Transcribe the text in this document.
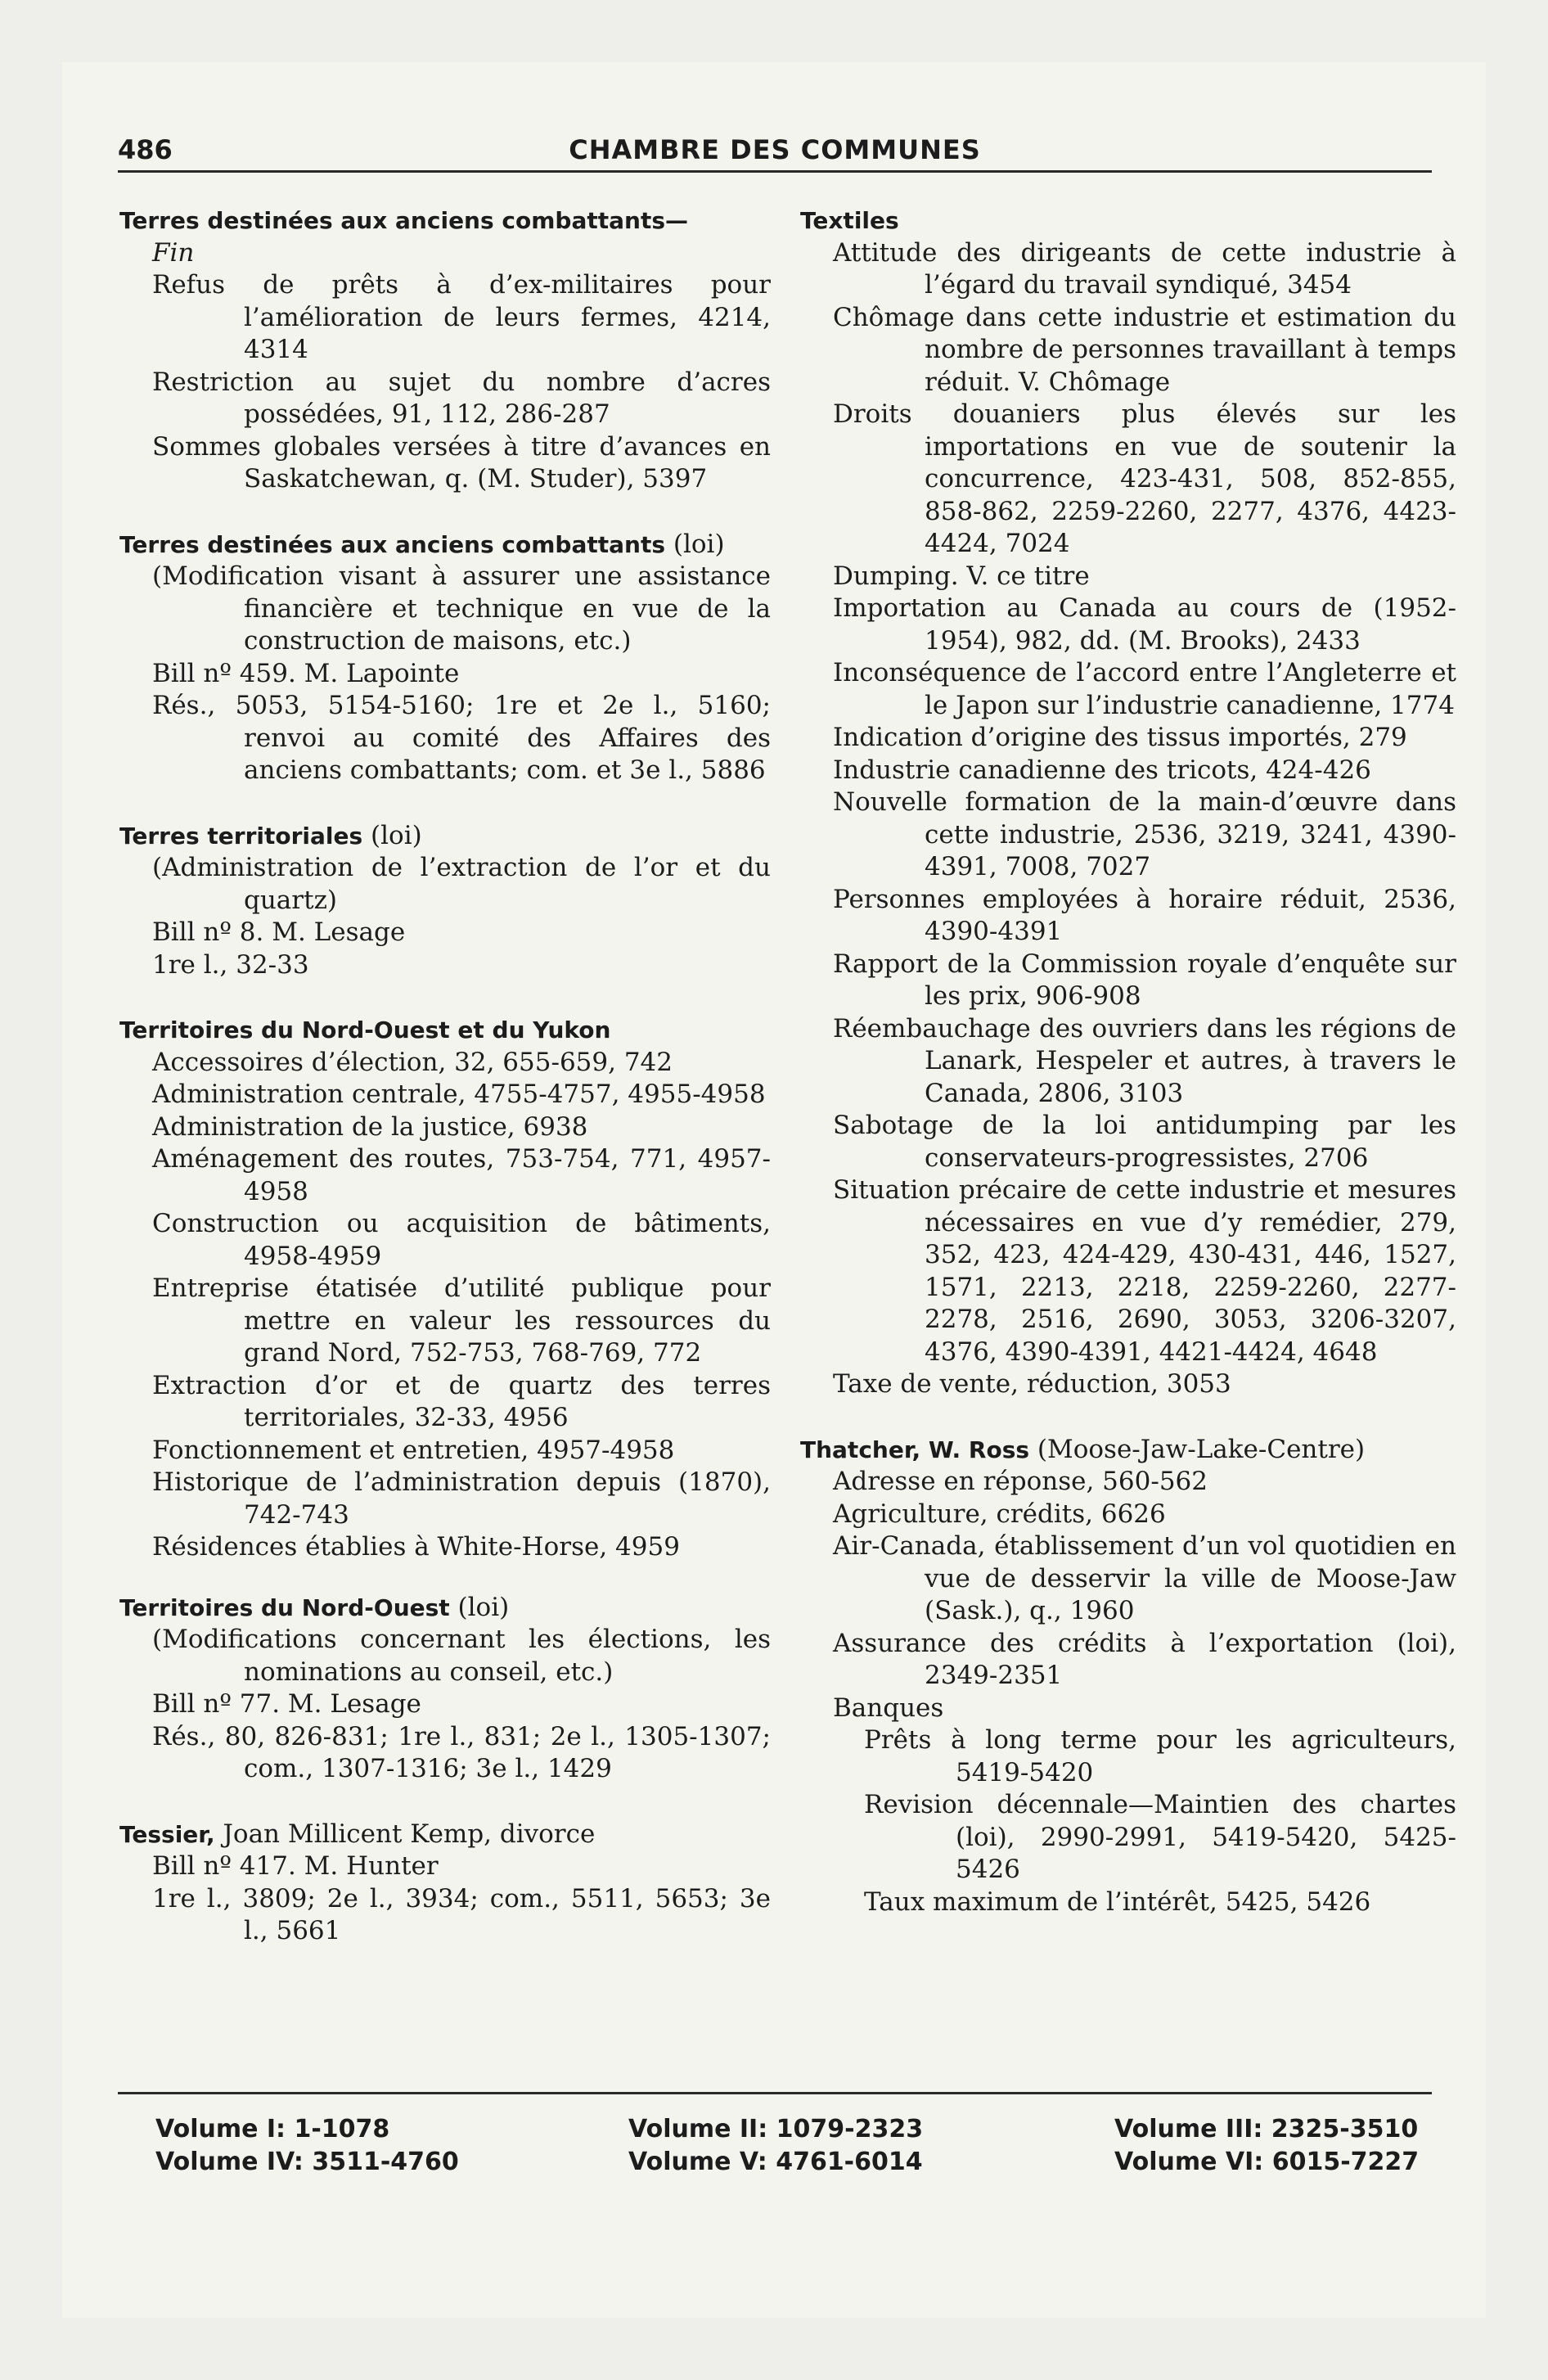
486	CHAMBRE DES COMMUNES

Terres destinées aux anciens combattants—

Fin

Refus de prêts à d’ex-militaires pour l’amélioration de leurs fermes, 4214, 4314

Restriction au sujet du nombre d’acres possédées, 91, 112, 286-287

Sommes globales versées à titre d’avances en Saskatchewan, q. (M. Studer), 5397

Terres destinées aux anciens combattants (loi)

(Modification visant à assurer une assistance financière et technique en vue de la construction de maisons, etc.)

Bill nº 459. M. Lapointe

Rés., 5053, 5154-5160; 1re et 2e l., 5160; renvoi au comité des Affaires des anciens combattants; com. et 3e l., 5886

Terres territoriales (loi)

(Administration de l’extraction de l’or et du quartz)

Bill nº 8. M. Lesage

1re l., 32-33

Territoires du Nord-Ouest et du Yukon

Accessoires d’élection, 32, 655-659, 742

Administration centrale, 4755-4757, 4955-4958

Administration de la justice, 6938

Aménagement des routes, 753-754, 771, 4957-4958

Construction ou acquisition de bâtiments, 4958-4959

Entreprise étatisée d’utilité publique pour mettre en valeur les ressources du grand Nord, 752-753, 768-769, 772

Extraction d’or et de quartz des terres territoriales, 32-33, 4956

Fonctionnement et entretien, 4957-4958

Historique de l’administration depuis (1870), 742-743

Résidences établies à White-Horse, 4959

Territoires du Nord-Ouest (loi)

(Modifications concernant les élections, les nominations au conseil, etc.)

Bill nº 77. M. Lesage

Rés., 80, 826-831; 1re l., 831; 2e l., 1305-1307; com., 1307-1316; 3e l., 1429

Tessier, Joan Millicent Kemp, divorce

Bill nº 417. M. Hunter

1re l., 3809; 2e l., 3934; com., 5511, 5653; 3e l., 5661

Textiles

Attitude des dirigeants de cette industrie à l’égard du travail syndiqué, 3454

Chômage dans cette industrie et estimation du nombre de personnes travaillant à temps réduit. V. Chômage

Droits douaniers plus élevés sur les importations en vue de soutenir la concurrence, 423-431, 508, 852-855, 858-862, 2259-2260, 2277, 4376, 4423-4424, 7024

Dumping. V. ce titre

Importation au Canada au cours de (1952-1954), 982, dd. (M. Brooks), 2433

Inconséquence de l’accord entre l’Angleterre et le Japon sur l’industrie canadienne, 1774

Indication d’origine des tissus importés, 279

Industrie canadienne des tricots, 424-426

Nouvelle formation de la main-d’œuvre dans cette industrie, 2536, 3219, 3241, 4390-4391, 7008, 7027

Personnes employées à horaire réduit, 2536, 4390-4391

Rapport de la Commission royale d’enquête sur les prix, 906-908

Réembauchage des ouvriers dans les régions de Lanark, Hespeler et autres, à travers le Canada, 2806, 3103

Sabotage de la loi antidumping par les conservateurs-progressistes, 2706

Situation précaire de cette industrie et mesures nécessaires en vue d’y remédier, 279, 352, 423, 424-429, 430-431, 446, 1527, 1571, 2213, 2218, 2259-2260, 2277-2278, 2516, 2690, 3053, 3206-3207, 4376, 4390-4391, 4421-4424, 4648

Taxe de vente, réduction, 3053

Thatcher, W. Ross (Moose-Jaw-Lake-Centre)

Adresse en réponse, 560-562

Agriculture, crédits, 6626

Air-Canada, établissement d’un vol quotidien en vue de desservir la ville de Moose-Jaw (Sask.), q., 1960

Assurance des crédits à l’exportation (loi), 2349-2351

Banques

Prêts à long terme pour les agriculteurs, 5419-5420

Revision décennale—Maintien des chartes (loi), 2990-2991, 5419-5420, 5425-5426

Taux maximum de l’intérêt, 5425, 5426

Volume I: 1-1078	Volume II: 1079-2323	Volume III: 2325-3510
Volume IV: 3511-4760	Volume V: 4761-6014	Volume VI: 6015-7227
